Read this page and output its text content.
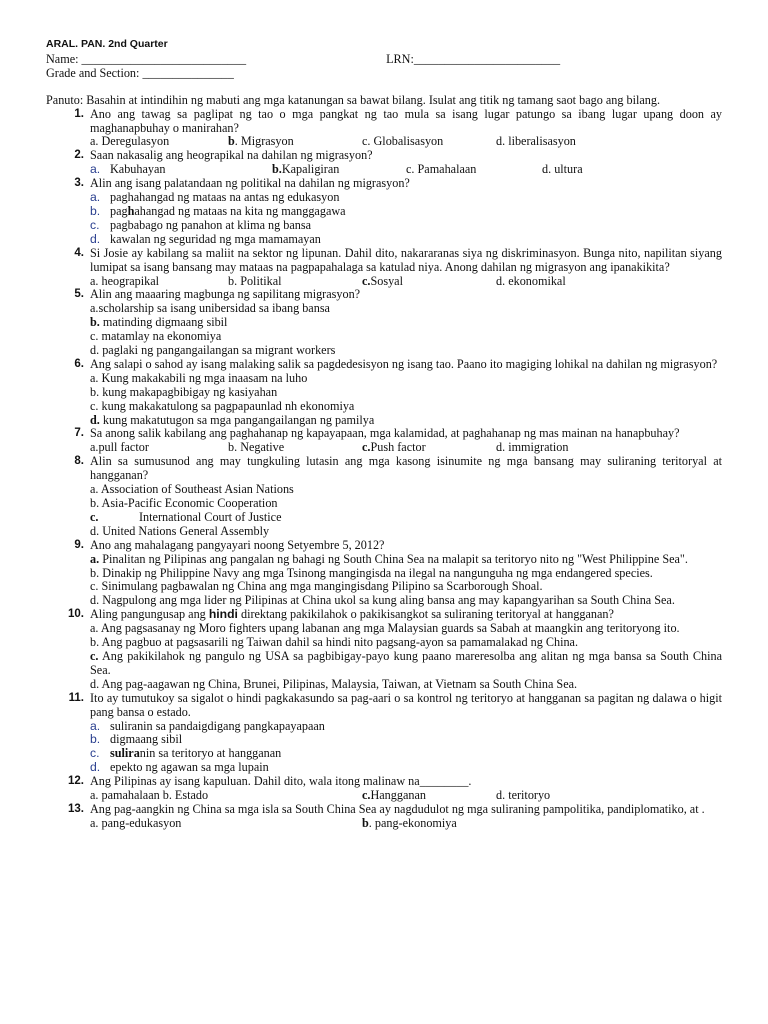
ARAL. PAN. 2nd Quarter
Name: ___________________________	LRN:________________________
Grade and Section: _______________
Panuto: Basahin at intindihin ng mabuti ang mga katanungan sa bawat bilang. Isulat ang titik ng tamang saot bago ang bilang.
1. Ano ang tawag sa paglipat ng tao o mga pangkat ng tao mula sa isang lugar patungo sa ibang lugar upang doon ay maghanapbuhay o manirahan?
a. Deregulasyon	b. Migrasyon	c. Globalisasyon	d. liberalisasyon
2. Saan nakasalig ang heograpikal na dahilan ng migrasyon?
a. Kabuhayan	b.Kapaligiran	c. Pamahalaan	d. ultura
3. Alin ang isang palatandaan ng politikal na dahilan ng migrasyon?
a. paghahangad ng mataas na antas ng edukasyon
b. paghahangad ng mataas na kita ng manggagawa
c. pagbabago ng panahon at klima ng bansa
d. kawalan ng seguridad ng mga mamamayan
4. Si Josie ay kabilang sa maliit na sektor ng lipunan. Dahil dito, nakararanas siya ng diskriminasyon. Bunga nito, napilitan siyang lumipat sa isang bansang may mataas na pagpapahalaga sa katulad niya. Anong dahilan ng migrasyon ang ipanakikita?
a. heograpikal	b. Politikal	c.Sosyal	d. ekonomikal
5. Alin ang maaaring magbunga ng sapilitang migrasyon?
a.scholarship sa isang unibersidad sa ibang bansa
b. matinding digmaang sibil
c. matamlay na ekonomiya
d. paglaki ng pangangailangan sa migrant workers
6. Ang salapi o sahod ay isang malaking salik sa pagdedesisyon ng isang tao. Paano ito magiging lohikal na dahilan ng migrasyon?
a. Kung makakabili ng mga inaasam na luho
b. kung makapagbibigay ng kasiyahan
c. kung makakatulong sa pagpapaunlad nh ekonomiya
d. kung makatutugon sa mga pangangailangan ng pamilya
7. Sa anong salik kabilang ang paghahanap ng kapayapaan, mga kalamidad, at paghahanap ng mas mainan na hanapbuhay?
a.pull factor	b. Negative	c.Push factor	d. immigration
8. Alin sa sumusunod ang may tungkuling lutasin ang mga kasong isinumite ng mga bansang may suliraning teritoryal at hangganan?
a. Association of Southeast Asian Nations
b. Asia-Pacific Economic Cooperation
c.	International Court of Justice
d. United Nations General Assembly
9. Ano ang mahalagang pangyayari noong Setyembre 5, 2012?
a. Pinalitan ng Pilipinas ang pangalan ng bahagi ng South China Sea na malapit sa teritoryo nito ng "West Philippine Sea".
b. Dinakip ng Philippine Navy ang mga Tsinong mangingisda na ilegal na nangunguha ng mga endangered species.
c. Sinimulang pagbawalan ng China ang mga mangingisdang Pilipino sa Scarborough Shoal.
d. Nagpulong ang mga lider ng Pilipinas at China ukol sa kung aling bansa ang may kapangyarihan sa South China Sea.
10. Aling pangungusap ang hindi direktang pakikilahok o pakikisangkot sa suliraning teritoryal at hangganan?
a. Ang pagsasanay ng Moro fighters upang labanan ang mga Malaysian guards sa Sabah at maangkin ang teritoryong ito.
b. Ang pagbuo at pagsasarili ng Taiwan dahil sa hindi nito pagsang-ayon sa pamamalakad ng China.
c. Ang pakikilahok ng pangulo ng USA sa pagbibigay-payo kung paano mareresolba ang alitan ng mga bansa sa South China Sea.
d. Ang pag-aagawan ng China, Brunei, Pilipinas, Malaysia, Taiwan, at Vietnam sa South China Sea.
11. Ito ay tumutukoy sa sigalot o hindi pagkakasundo sa pag-aari o sa kontrol ng teritoryo at hangganan sa pagitan ng dalawa o higit pang bansa o estado.
a. suliranin sa pandaigdigang pangkapayapaan
b. digmaang sibil
c. suliranin sa teritoryo at hangganan
d. epekto ng agawan sa mga lupain
12. Ang Pilipinas ay isang kapuluan. Dahil dito, wala itong malinaw na________.
a. pamahalaan b. Estado	c.Hangganan	d. teritoryo
13. Ang pag-aangkin ng China sa mga isla sa South China Sea ay nagdudulot ng mga suliraning pampolitika, pandiplomatiko, at .
a. pang-edukasyon	b. pang-ekonomiya
